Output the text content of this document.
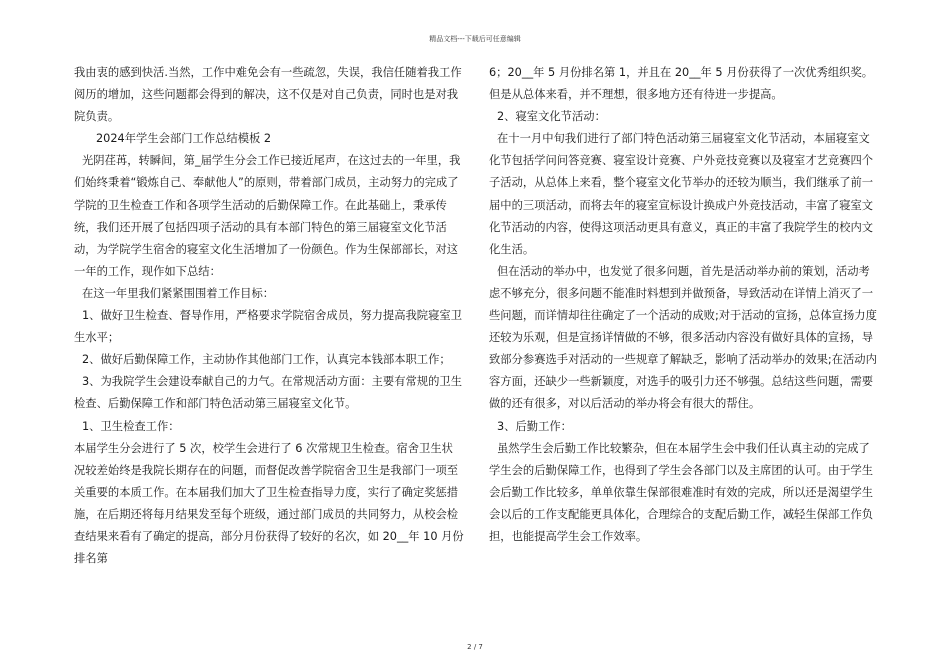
精品文档---下载后可任意编辑

我由衷的感到快活.当然，工作中难免会有一些疏忽，失误，我信任随着我工作阅历的增加，这些问题都会得到的解决，这不仅是对自己负责，同时也是对我院负责。

2024年学生会部门工作总结模板 2

光阴荏苒，转瞬间，第_届学生分会工作已接近尾声，在这过去的一年里，我们始终秉着“锻炼自己、奉献他人”的原则，带着部门成员，主动努力的完成了学院的卫生检查工作和各项学生活动的后勤保障工作。在此基础上，秉承传统，我们还开展了包括四项子活动的具有本部门特色的第三届寝室文化节活动，为学院学生宿舍的寝室文化生活增加了一份颜色。作为生保部部长，对这一年的工作，现作如下总结：

在这一年里我们紧紧围围着工作目标：

1、做好卫生检查、督导作用，严格要求学院宿舍成员，努力提高我院寝室卫生水平；

2、做好后勤保障工作，主动协作其他部门工作，认真完本钱部本职工作；

3、为我院学生会建设奉献自己的力气。在常规活动方面：主要有常规的卫生检查、后勤保障工作和部门特色活动第三届寝室文化节。

1、卫生检查工作：

本届学生分会进行了 5 次，校学生会进行了 6 次常规卫生检查。宿舍卫生状况较差始终是我院长期存在的问题，而督促改善学院宿舍卫生是我部门一项至关重要的本质工作。在本届我们加大了卫生检查指导力度，实行了确定奖惩措施，在后期还将每月结果发至每个班级，通过部门成员的共同努力，从校会检查结果来看有了确定的提高，部分月份获得了较好的名次，如 20__年 10 月份排名第

6；20__年 5 月份排名第 1，并且在 20__年 5 月份获得了一次优秀组织奖。但是从总体来看，并不理想，很多地方还有待进一步提高。

2、寝室文化节活动：

在十一月中旬我们进行了部门特色活动第三届寝室文化节活动，本届寝室文化节包括学问问答竞赛、寝室设计竞赛、户外竞技竞赛以及寝室才艺竞赛四个子活动，从总体上来看，整个寝室文化节举办的还较为顺当，我们继承了前一届中的三项活动，而将去年的寝室宣标设计换成户外竞技活动，丰富了寝室文化节活动的内容，使得这项活动更具有意义，真正的丰富了我院学生的校内文化生活。

但在活动的举办中，也发觉了很多问题，首先是活动举办前的策划，活动考虑不够充分，很多问题不能准时料想到并做预备，导致活动在详情上消灭了一些问题，而详情却往往确定了一个活动的成败;对于活动的宣扬，总体宣扬力度还较为乐观，但是宣扬详情做的不够，很多活动内容没有做好具体的宣扬，导致部分参赛选手对活动的一些规章了解缺乏，影响了活动举办的效果;在活动内容方面，还缺少一些新颖度，对选手的吸引力还不够强。总结这些问题，需要做的还有很多，对以后活动的举办将会有很大的帮住。

3、后勤工作：

虽然学生会后勤工作比较繁杂，但在本届学生会中我们任认真主动的完成了学生会的后勤保障工作，也得到了学生会各部门以及主席团的认可。由于学生会后勤工作比较多，单单依靠生保部很难准时有效的完成，所以还是渴望学生会以后的工作支配能更具体化，合理综合的支配后勤工作，减轻生保部工作负担，也能提高学生会工作效率。

2 / 7
